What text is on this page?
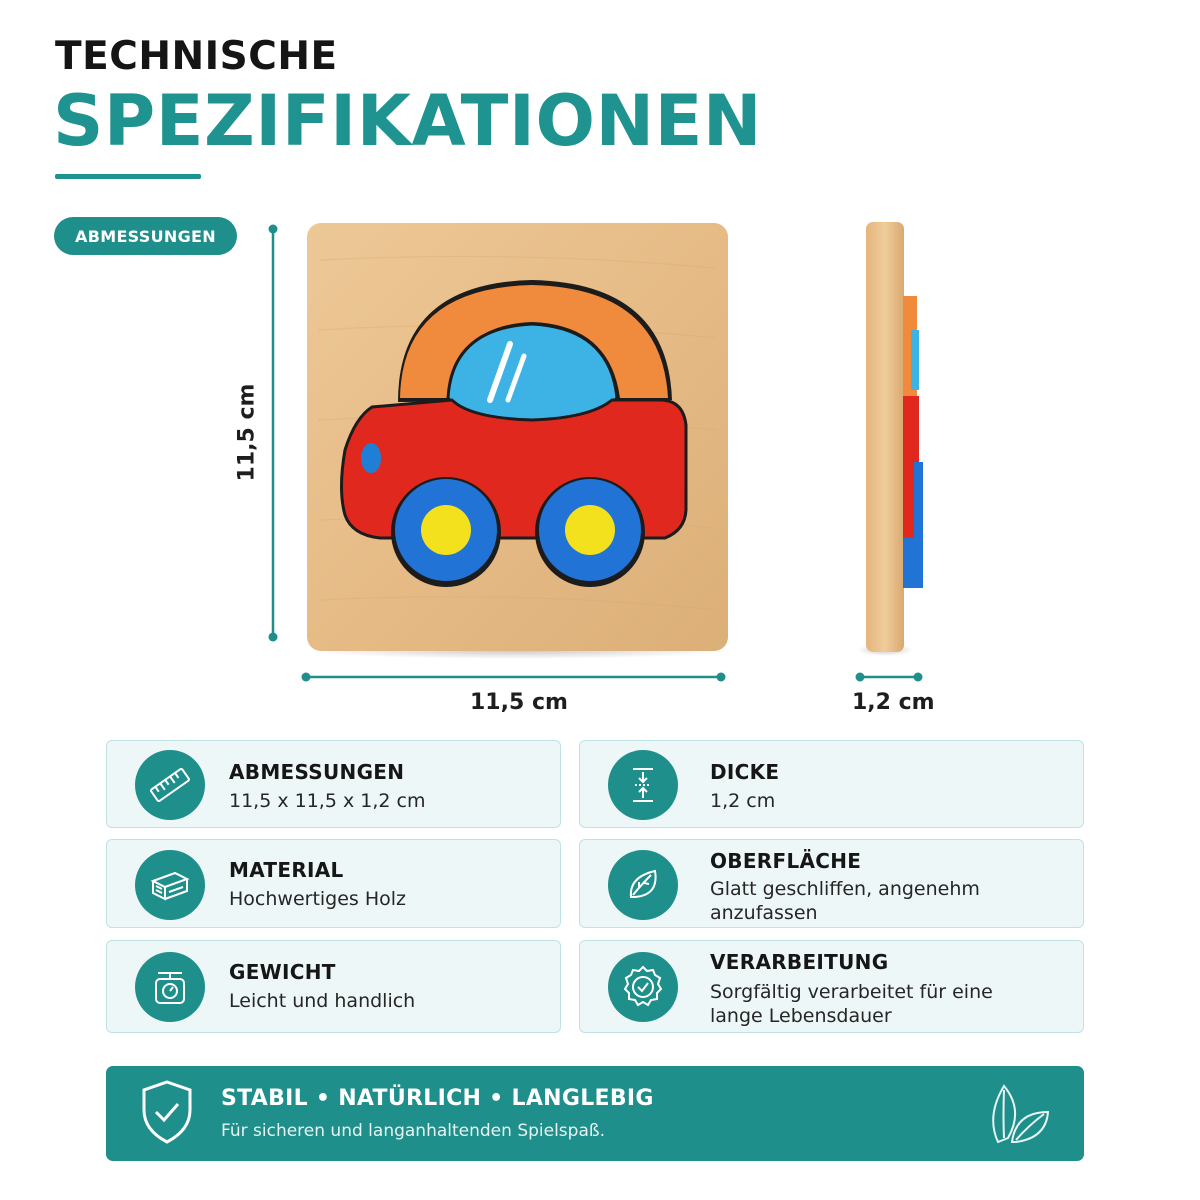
TECHNISCHE
SPEZIFIKATIONEN
ABMESSUNGEN
11,5 cm
11,5 cm	1,2 cm
ABMESSUNGEN
11,5 x 11,5 x 1,2 cm
DICKE
1,2 cm
MATERIAL
Hochwertiges Holz
OBERFLÄCHE
Glatt geschliffen, angenehm anzufassen
GEWICHT
Leicht und handlich
VERARBEITUNG
Sorgfältig verarbeitet für eine lange Lebensdauer
STABIL • NATÜRLICH • LANGLEBIG
Für sicheren und langanhaltenden Spielspaß.
